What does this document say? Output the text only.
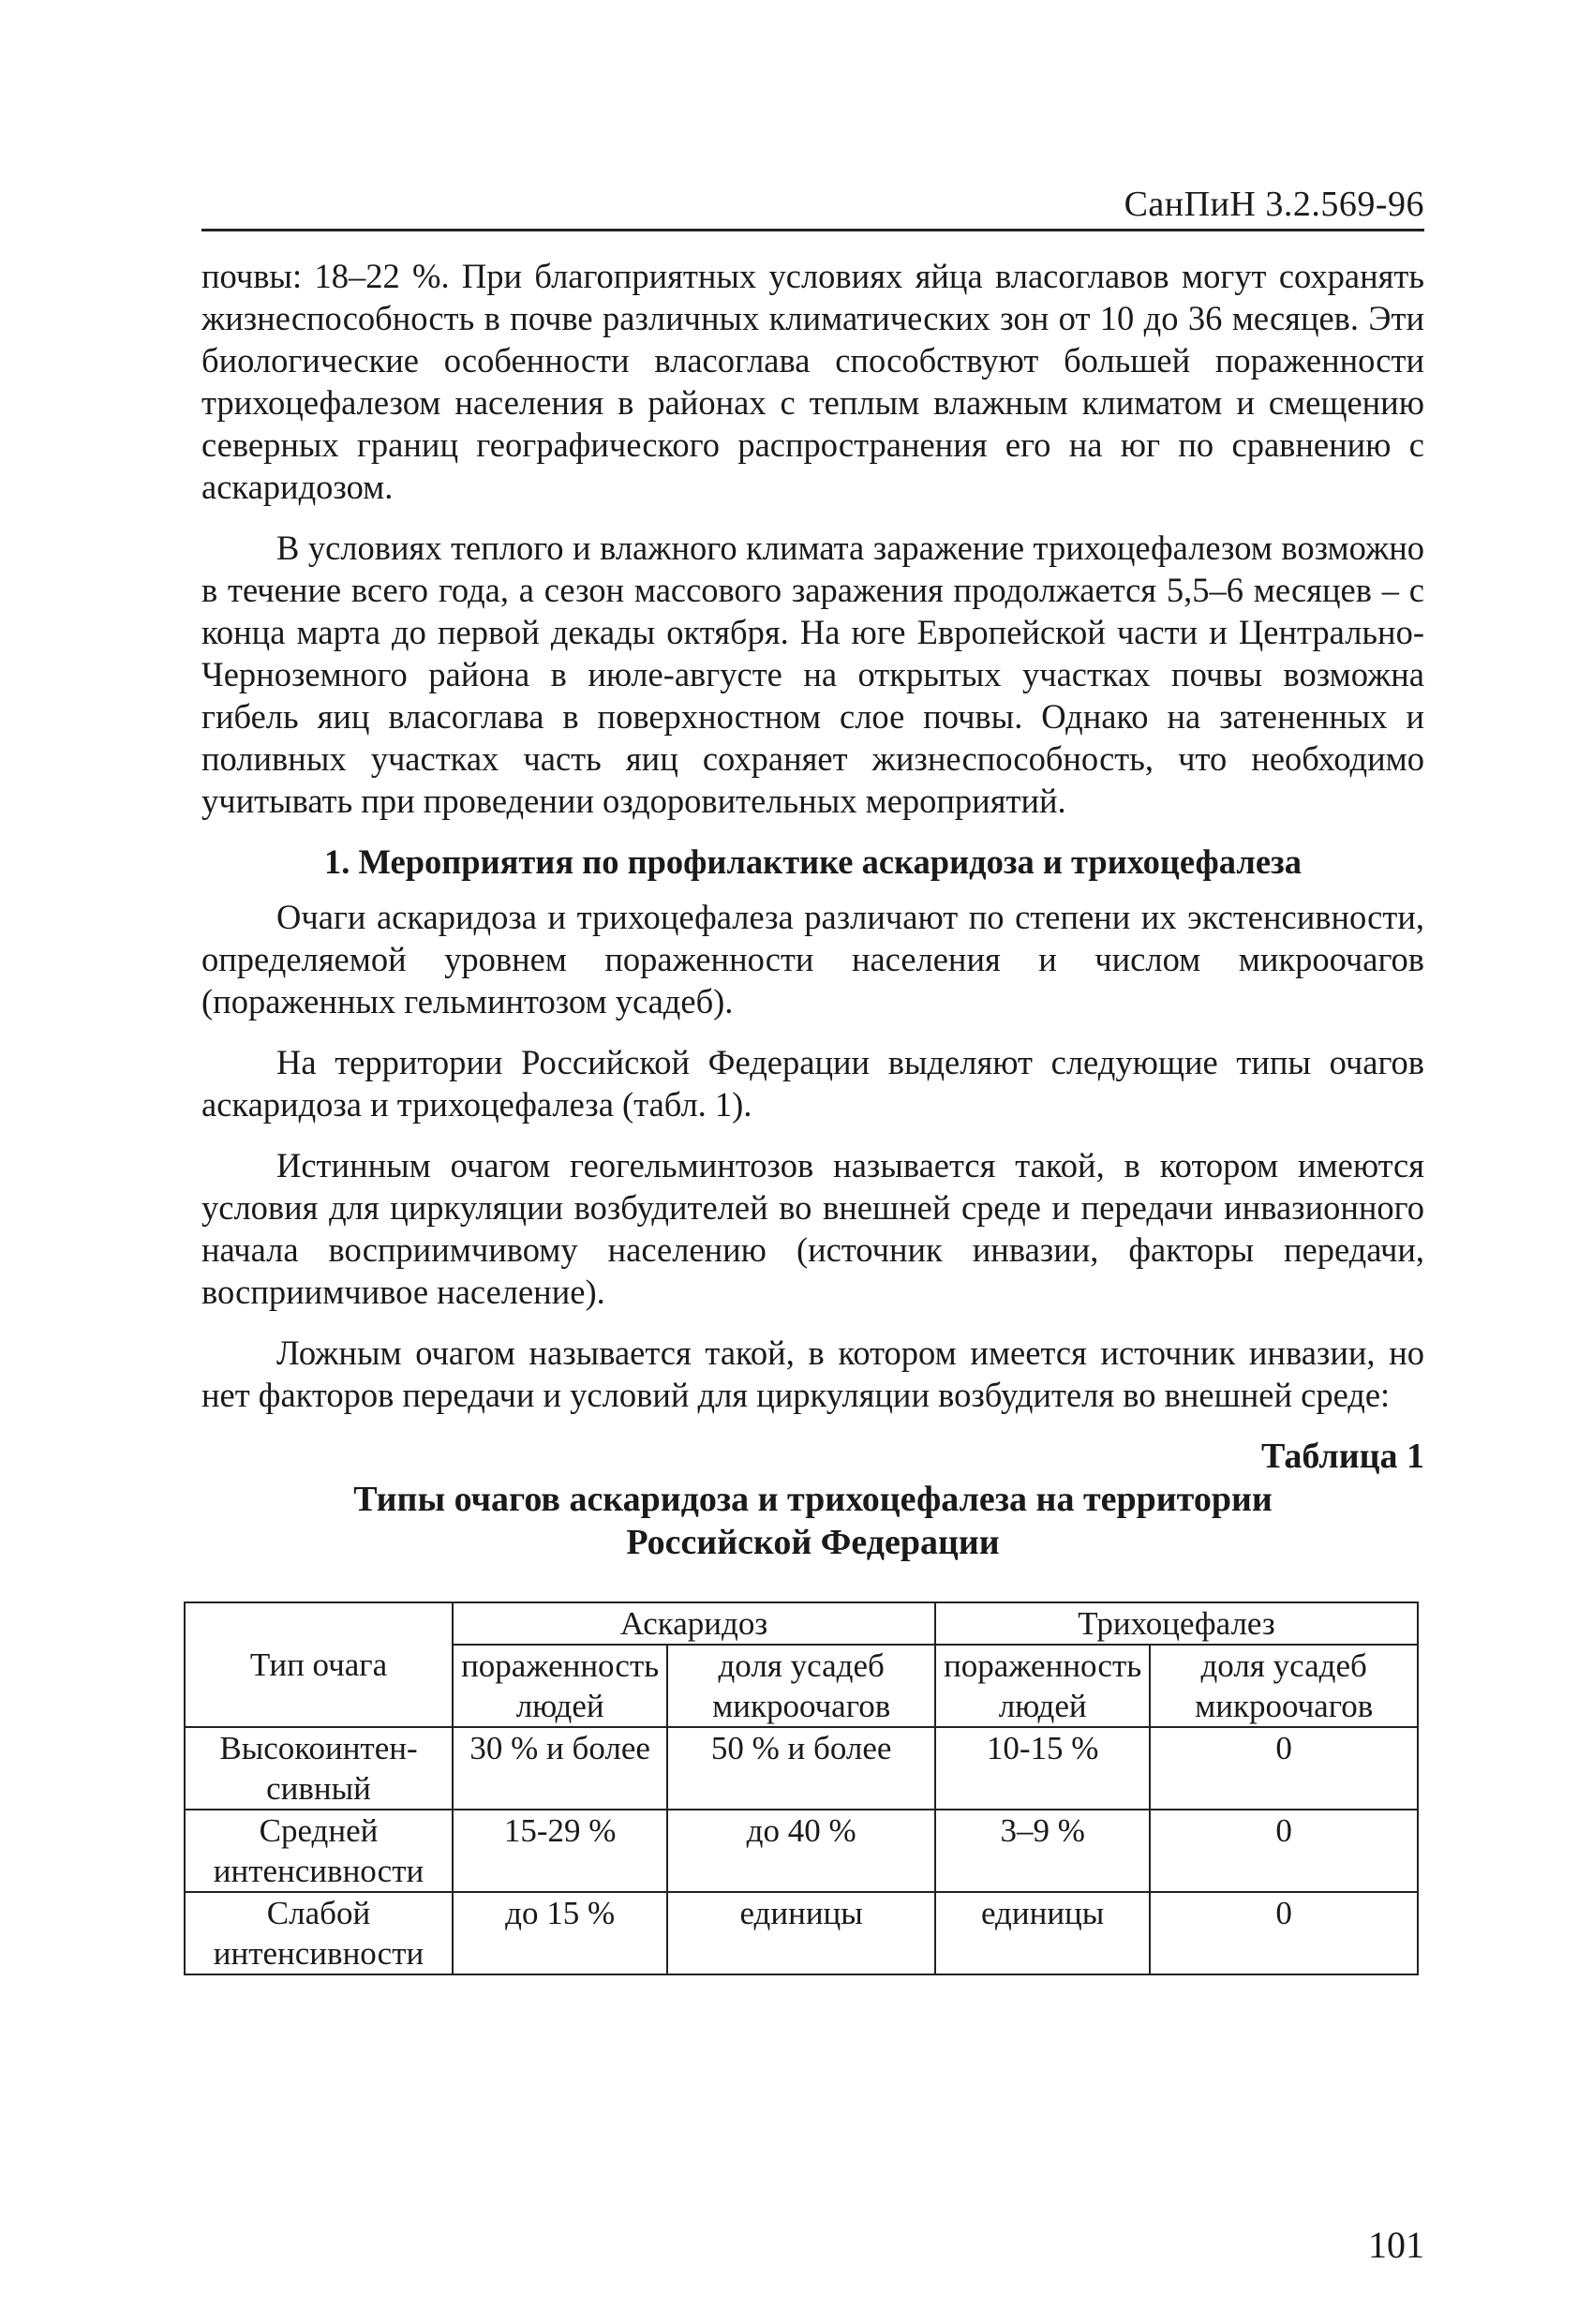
СанПиН 3.2.569-96

почвы: 18–22 %. При благоприятных условиях яйца власоглавов могут сохранять жизнеспособность в почве различных климатических зон от 10 до 36 месяцев. Эти биологические особенности власоглава способствуют большей пораженности трихоцефалезом населения в районах с теплым влажным климатом и смещению северных границ географического распространения его на юг по сравнению с аскаридозом.

В условиях теплого и влажного климата заражение трихоцефалезом возможно в течение всего года, а сезон массового заражения продолжается 5,5–6 месяцев – с конца марта до первой декады октября. На юге Европейской части и Центрально-Черноземного района в июле-августе на открытых участках почвы возможна гибель яиц власоглава в поверхностном слое почвы. Однако на затененных и поливных участках часть яиц сохраняет жизнеспособность, что необходимо учитывать при проведении оздоровительных мероприятий.

1. Мероприятия по профилактике аскаридоза и трихоцефалеза

Очаги аскаридоза и трихоцефалеза различают по степени их экстенсивности, определяемой уровнем пораженности населения и числом микроочагов (пораженных гельминтозом усадеб).

На территории Российской Федерации выделяют следующие типы очагов аскаридоза и трихоцефалеза (табл. 1).

Истинным очагом геогельминтозов называется такой, в котором имеются условия для циркуляции возбудителей во внешней среде и передачи инвазионного начала восприимчивому населению (источник инвазии, факторы передачи, восприимчивое население).

Ложным очагом называется такой, в котором имеется источник инвазии, но нет факторов передачи и условий для циркуляции возбудителя во внешней среде:

Таблица 1
Типы очагов аскаридоза и трихоцефалеза на территории Российской Федерации
Тип очага	Аскаридоз		Трихоцефалез	
	пораженность людей	доля усадеб микроочагов	пораженность людей	доля усадеб микроочагов
Высокоинтенсивный	30 % и более	50 % и более	10-15 %	0
Средней интенсивности	15-29 %	до 40 %	3–9 %	0
Слабой интенсивности	до 15 %	единицы	единицы	0
101
